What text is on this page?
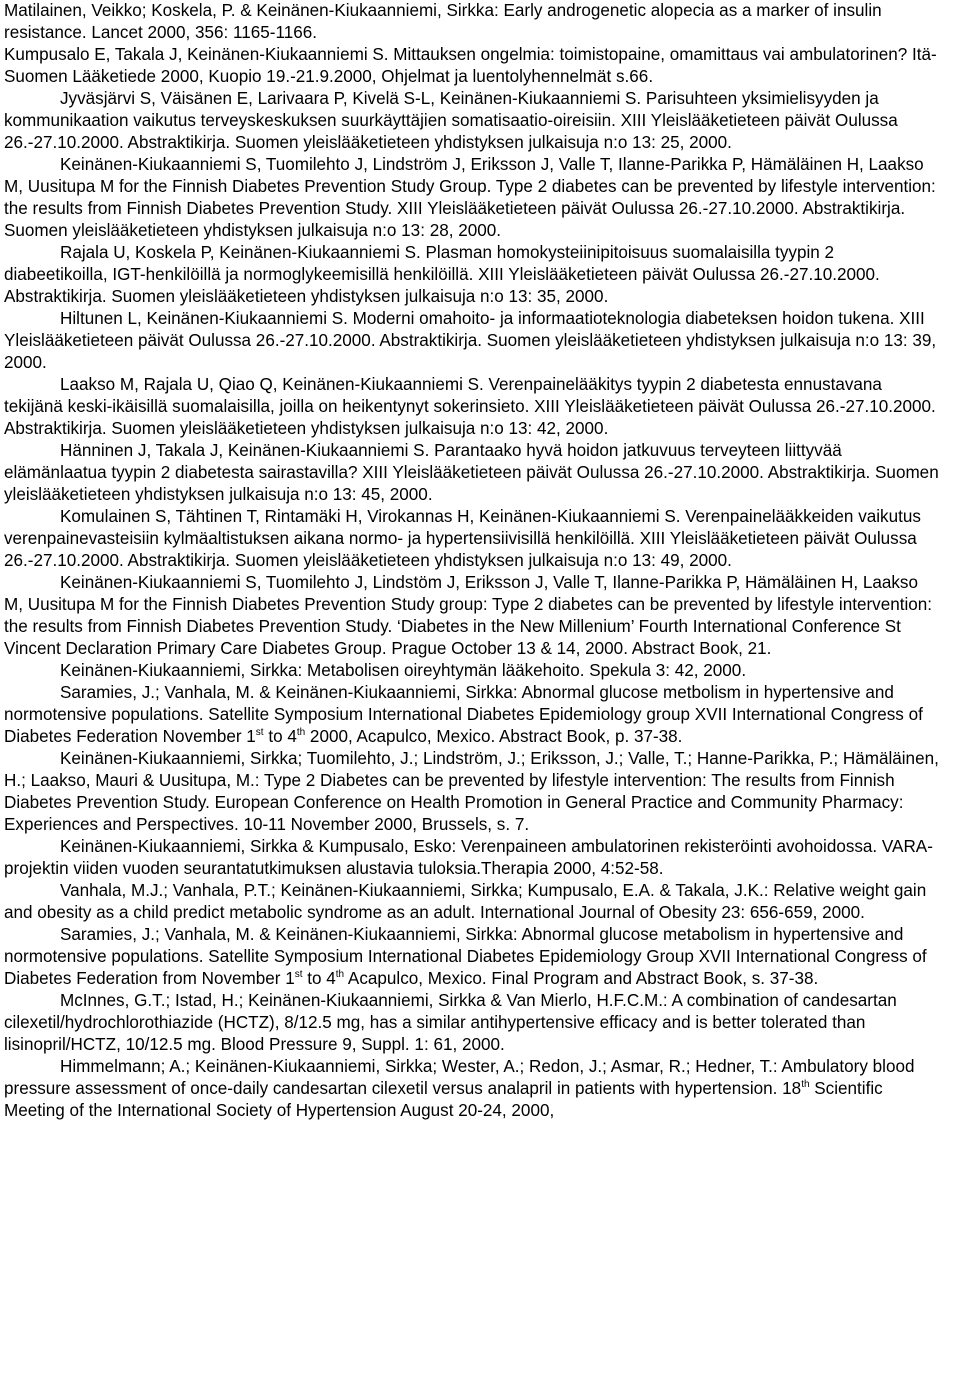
Matilainen, Veikko; Koskela, P. & Keinänen-Kiukaanniemi, Sirkka: Early androgenetic alopecia as a marker of insulin resistance. Lancet 2000, 356: 1165-1166.

Kumpusalo E, Takala J, Keinänen-Kiukaanniemi S. Mittauksen ongelmia: toimistopaine, omamittaus vai ambulatorinen? Itä-Suomen Lääketiede 2000, Kuopio 19.-21.9.2000, Ohjelmat ja luentolyhennelmät s.66.

Jyväsjärvi S, Väisänen E, Larivaara P, Kivelä S-L, Keinänen-Kiukaanniemi S. Parisuhteen yksimielisyyden ja kommunikaation vaikutus terveyskeskuksen suurkäyttäjien somatisaatio-oireisiin. XIII Yleislääketieteen päivät Oulussa 26.-27.10.2000. Abstraktikirja. Suomen yleislääketieteen yhdistyksen julkaisuja n:o 13: 25, 2000.

Keinänen-Kiukaanniemi S, Tuomilehto J, Lindström J, Eriksson J, Valle T, Ilanne-Parikka P, Hämäläinen H, Laakso M, Uusitupa M for the Finnish Diabetes Prevention Study Group. Type 2 diabetes can be prevented by lifestyle intervention: the results from Finnish Diabetes Prevention Study. XIII Yleislääketieteen päivät Oulussa 26.-27.10.2000. Abstraktikirja. Suomen yleislääketieteen yhdistyksen julkaisuja n:o 13: 28, 2000.

Rajala U, Koskela P, Keinänen-Kiukaanniemi S. Plasman homokysteiinipitoisuus suomalaisilla tyypin 2 diabeetikoilla, IGT-henkilöillä ja normoglykeemisillä henkilöillä. XIII Yleislääketieteen päivät Oulussa 26.-27.10.2000. Abstraktikirja. Suomen yleislääketieteen yhdistyksen julkaisuja n:o 13: 35, 2000.

Hiltunen L, Keinänen-Kiukaanniemi S. Moderni omahoito- ja informaatioteknologia diabeteksen hoidon tukena. XIII Yleislääketieteen päivät Oulussa 26.-27.10.2000. Abstraktikirja. Suomen yleislääketieteen yhdistyksen julkaisuja n:o 13: 39, 2000.

Laakso M, Rajala U, Qiao Q, Keinänen-Kiukaanniemi S. Verenpainelääkitys tyypin 2 diabetesta ennustavana tekijänä keski-ikäisillä suomalaisilla, joilla on heikentynyt sokerinsieto. XIII Yleislääketieteen päivät Oulussa 26.-27.10.2000. Abstraktikirja. Suomen yleislääketieteen yhdistyksen julkaisuja n:o 13: 42, 2000.

Hänninen J, Takala J, Keinänen-Kiukaanniemi S. Parantaako hyvä hoidon jatkuvuus terveyteen liittyvää elämänlaatua tyypin 2 diabetesta sairastavilla? XIII Yleislääketieteen päivät Oulussa 26.-27.10.2000. Abstraktikirja. Suomen yleislääketieteen yhdistyksen julkaisuja n:o 13: 45, 2000.

Komulainen S, Tähtinen T, Rintamäki H, Virokannas H, Keinänen-Kiukaanniemi S. Verenpainelääkkeiden vaikutus verenpainevasteisiin kylmäaltistuksen aikana normo- ja hypertensiivisillä henkilöillä. XIII Yleislääketieteen päivät Oulussa 26.-27.10.2000. Abstraktikirja. Suomen yleislääketieteen yhdistyksen julkaisuja n:o 13: 49, 2000.

Keinänen-Kiukaanniemi S, Tuomilehto J, Lindstöm J, Eriksson J, Valle T, Ilanne-Parikka P, Hämäläinen H, Laakso M, Uusitupa M for the Finnish Diabetes Prevention Study group: Type 2 diabetes can be prevented by lifestyle intervention: the results from Finnish Diabetes Prevention Study. ‘Diabetes in the New Millenium’ Fourth International Conference St Vincent Declaration Primary Care Diabetes Group. Prague October 13 & 14, 2000. Abstract Book, 21.

Keinänen-Kiukaanniemi, Sirkka: Metabolisen oireyhtymän lääkehoito. Spekula 3: 42, 2000.

Saramies, J.; Vanhala, M. & Keinänen-Kiukaanniemi, Sirkka: Abnormal glucose metbolism in hypertensive and normotensive populations. Satellite Symposium International Diabetes Epidemiology group XVII International Congress of Diabetes Federation November 1st to 4th 2000, Acapulco, Mexico. Abstract Book, p. 37-38.

Keinänen-Kiukaanniemi, Sirkka; Tuomilehto, J.; Lindström, J.; Eriksson, J.; Valle, T.; Hanne-Parikka, P.; Hämäläinen, H.; Laakso, Mauri & Uusitupa, M.: Type 2 Diabetes can be prevented by lifestyle intervention: The results from Finnish Diabetes Prevention Study. European Conference on Health Promotion in General Practice and Community Pharmacy: Experiences and Perspectives. 10-11 November 2000, Brussels, s. 7.

Keinänen-Kiukaanniemi, Sirkka & Kumpusalo, Esko: Verenpaineen ambulatorinen rekisteröinti avohoidossa. VARA-projektin viiden vuoden seurantatutkimuksen alustavia tuloksia.Therapia 2000, 4:52-58.

Vanhala, M.J.; Vanhala, P.T.; Keinänen-Kiukaanniemi, Sirkka; Kumpusalo, E.A. & Takala, J.K.: Relative weight gain and obesity as a child predict metabolic syndrome as an adult. International Journal of Obesity 23: 656-659, 2000.

Saramies, J.; Vanhala, M. & Keinänen-Kiukaanniemi, Sirkka: Abnormal glucose metabolism in hypertensive and normotensive populations. Satellite Symposium International Diabetes Epidemiology Group XVII International Congress of Diabetes Federation from November 1st to 4th Acapulco, Mexico. Final Program and Abstract Book, s. 37-38.

McInnes, G.T.; Istad, H.; Keinänen-Kiukaanniemi, Sirkka & Van Mierlo, H.F.C.M.: A combination of candesartan cilexetil/hydrochlorothiazide (HCTZ), 8/12.5 mg, has a similar antihypertensive efficacy and is better tolerated than lisinopril/HCTZ, 10/12.5 mg. Blood Pressure 9, Suppl. 1: 61, 2000.

Himmelmann; A.; Keinänen-Kiukaanniemi, Sirkka; Wester, A.; Redon, J.; Asmar, R.; Hedner, T.: Ambulatory blood pressure assessment of once-daily candesartan cilexetil versus analapril in patients with hypertension. 18th Scientific Meeting of the International Society of Hypertension August 20-24, 2000,
